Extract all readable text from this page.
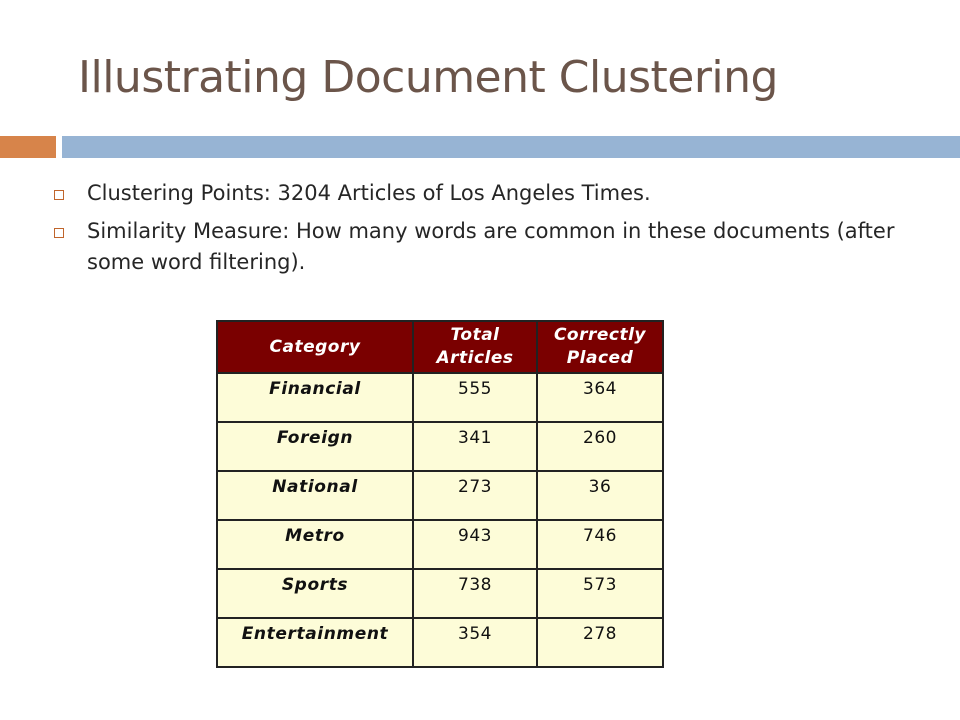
Illustrating Document Clustering
Clustering Points: 3204 Articles of Los Angeles Times.
Similarity Measure: How many words are common in these documents (after some word filtering).
Category	Total Articles	Correctly Placed
Financial	555	364
Foreign	341	260
National	273	36
Metro	943	746
Sports	738	573
Entertainment	354	278
